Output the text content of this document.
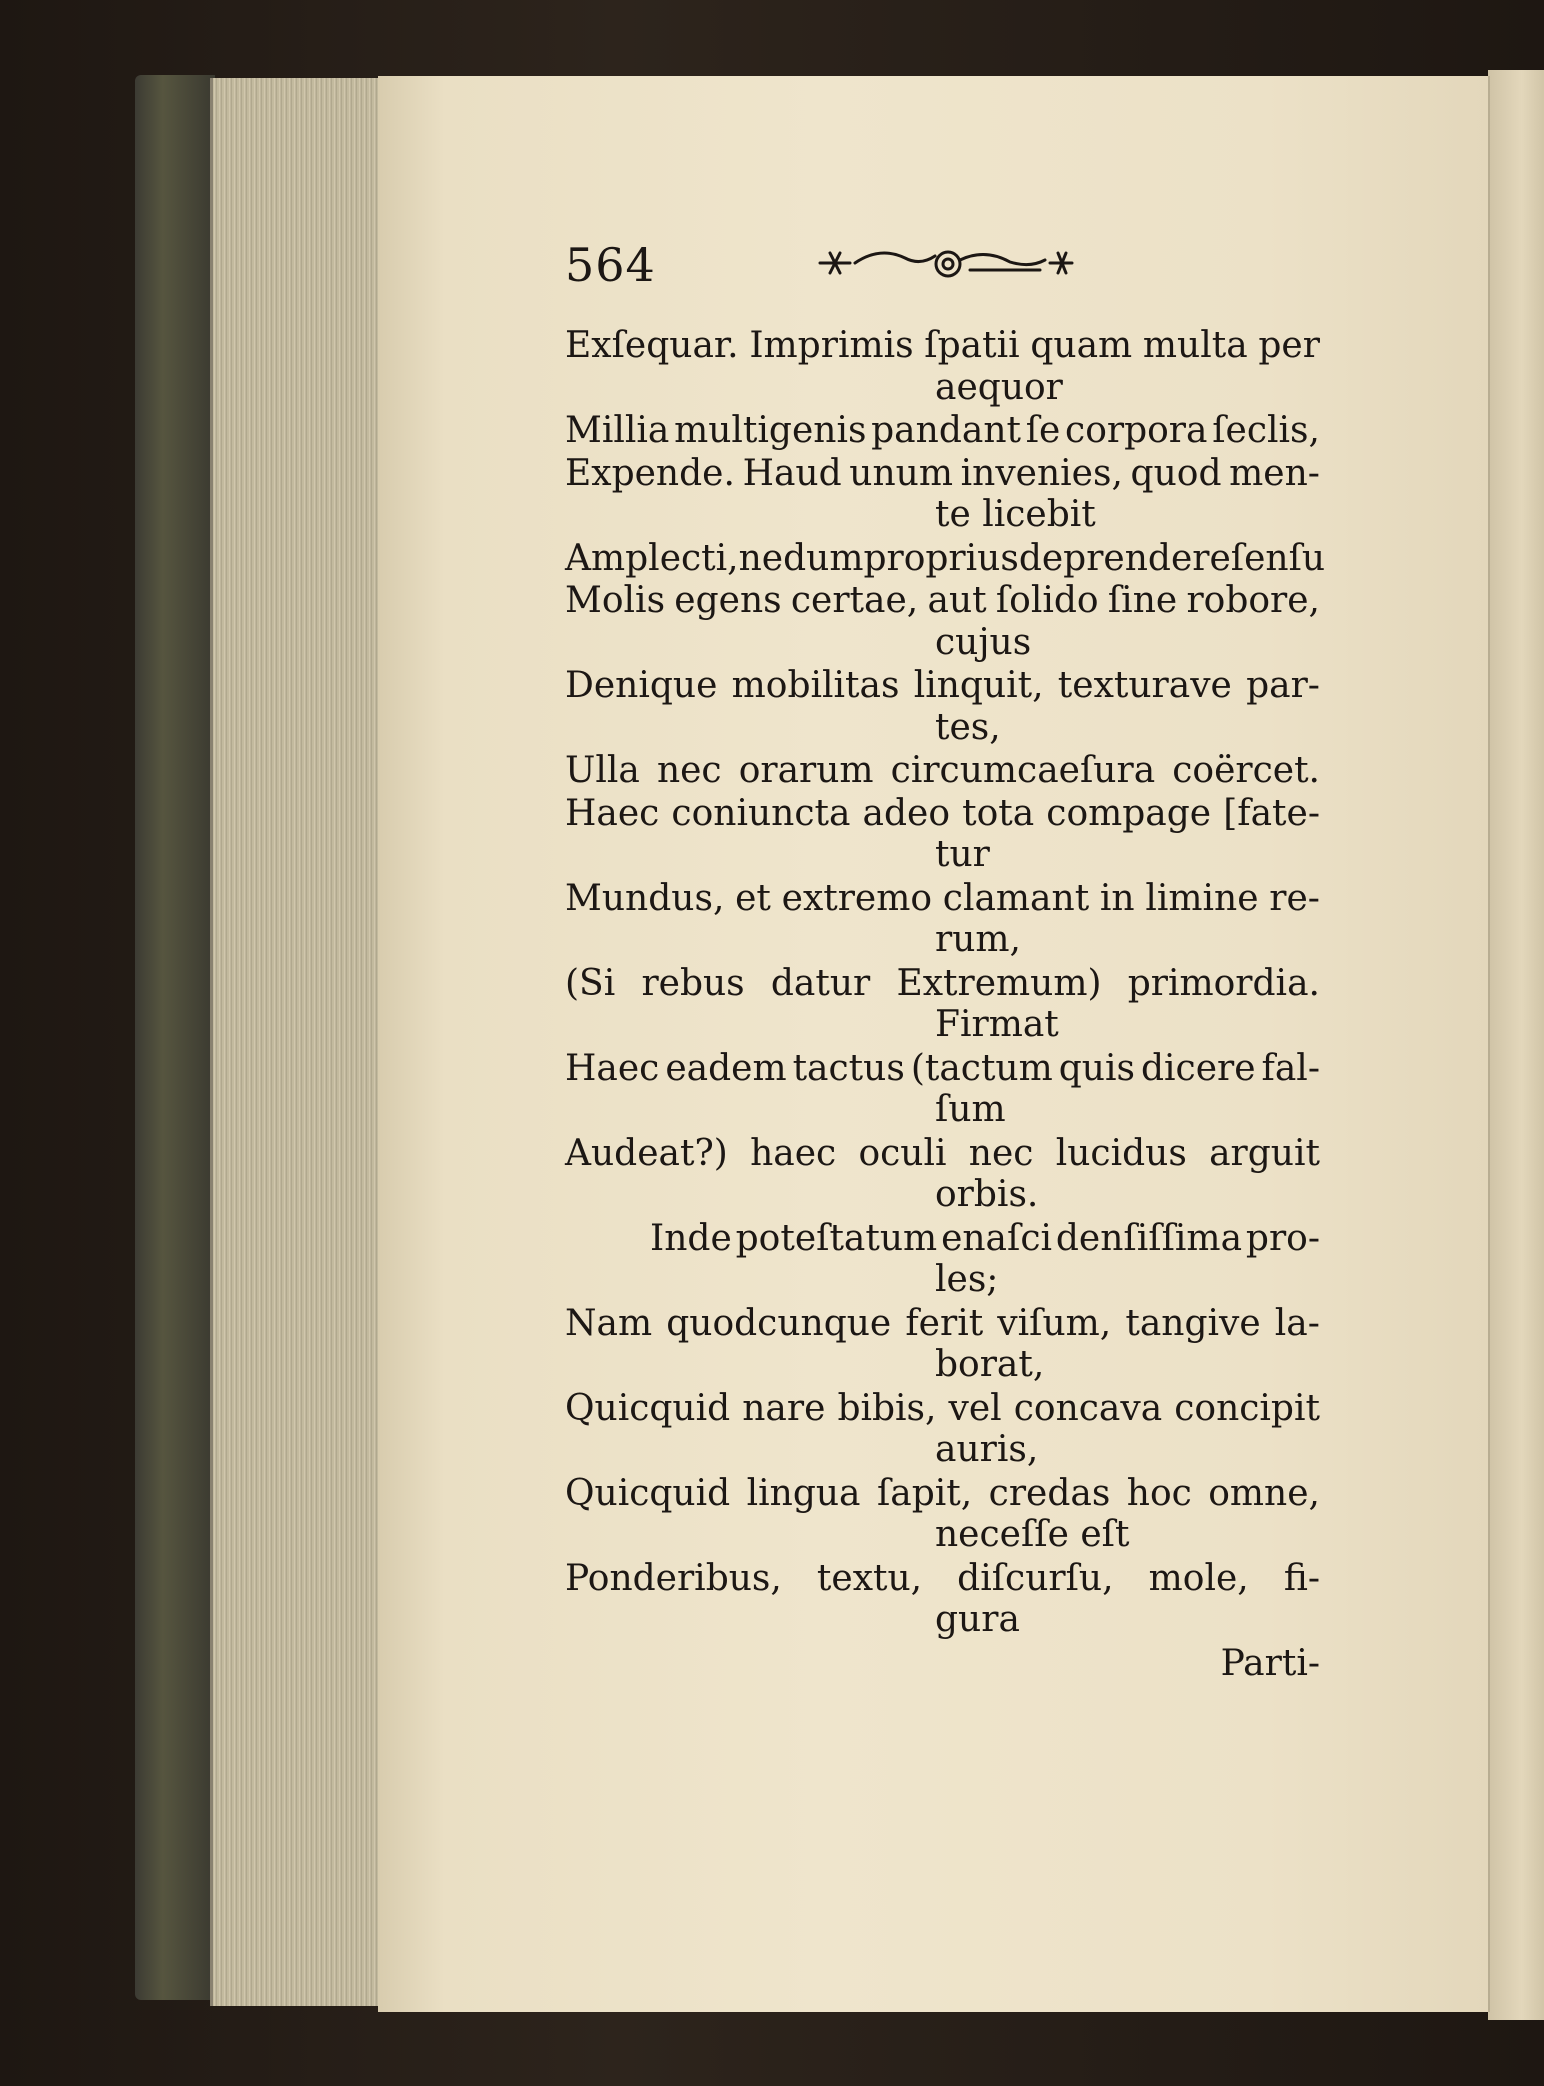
564
Exſequar. Imprimis ſpatii quam multa per
aequor
Millia multigenis pandant ſe corpora ſeclis,
Expende. Haud unum invenies, quod men-
te licebit
Amplecti, nedum proprius deprendere ſenſu
Molis egens certae, aut ſolido ſine robore,
cujus
Denique mobilitas linquit, texturave par-
tes,
Ulla nec orarum circumcaeſura coërcet.
Haec coniuncta adeo tota compage [fate-
tur
Mundus, et extremo clamant in limine re-
rum,
(Si rebus datur Extremum) primordia.
Firmat
Haec eadem tactus (tactum quis dicere fal-
ſum
Audeat?) haec oculi nec lucidus arguit
orbis.
Inde poteſtatum enaſci denſiſſima pro-
les;
Nam quodcunque ferit viſum, tangive la-
borat,
Quicquid nare bibis, vel concava concipit
auris,
Quicquid lingua ſapit, credas hoc omne,
neceſſe eſt
Ponderibus, textu, diſcurſu, mole, fi-
gura
Parti-
